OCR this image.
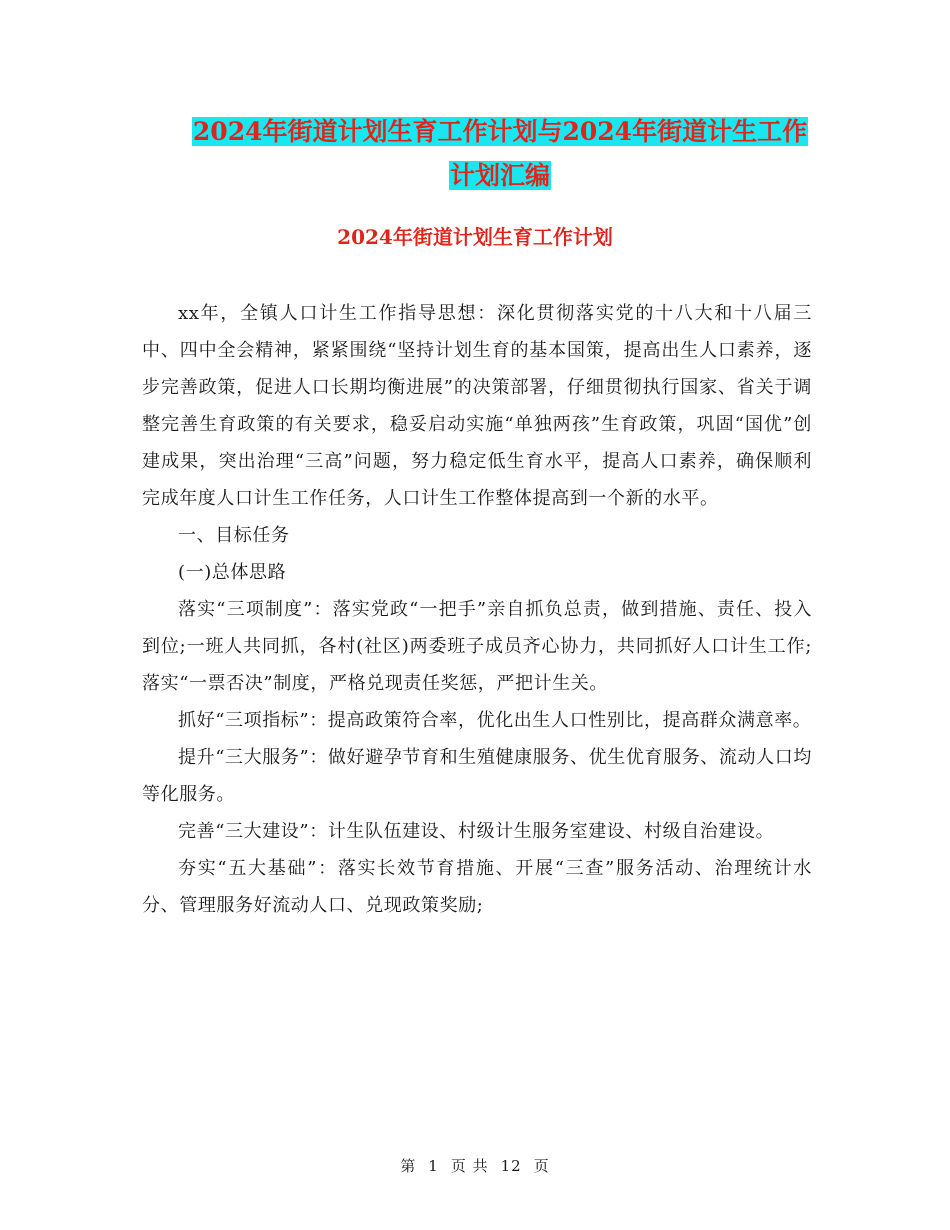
2024年街道计划生育工作计划与2024年街道计生工作
计划汇编
2024年街道计划生育工作计划

xx年，全镇人口计生工作指导思想：深化贯彻落实党的十八大和十八届三中、四中全会精神，紧紧围绕“坚持计划生育的基本国策，提高出生人口素养，逐步完善政策，促进人口长期均衡进展”的决策部署，仔细贯彻执行国家、省关于调整完善生育政策的有关要求，稳妥启动实施“单独两孩”生育政策，巩固“国优”创建成果，突出治理“三高”问题，努力稳定低生育水平，提高人口素养，确保顺利完成年度人口计生工作任务，人口计生工作整体提高到一个新的水平。

一、目标任务

(一)总体思路

落实“三项制度”：落实党政“一把手”亲自抓负总责，做到措施、责任、投入到位;一班人共同抓，各村(社区)两委班子成员齐心协力，共同抓好人口计生工作;落实“一票否决”制度，严格兑现责任奖惩，严把计生关。

抓好“三项指标”：提高政策符合率，优化出生人口性别比，提高群众满意率。

提升“三大服务”：做好避孕节育和生殖健康服务、优生优育服务、流动人口均等化服务。

完善“三大建设”：计生队伍建设、村级计生服务室建设、村级自治建设。

夯实“五大基础”：落实长效节育措施、开展“三查”服务活动、治理统计水分、管理服务好流动人口、兑现政策奖励;

第 1 页 共 12 页
